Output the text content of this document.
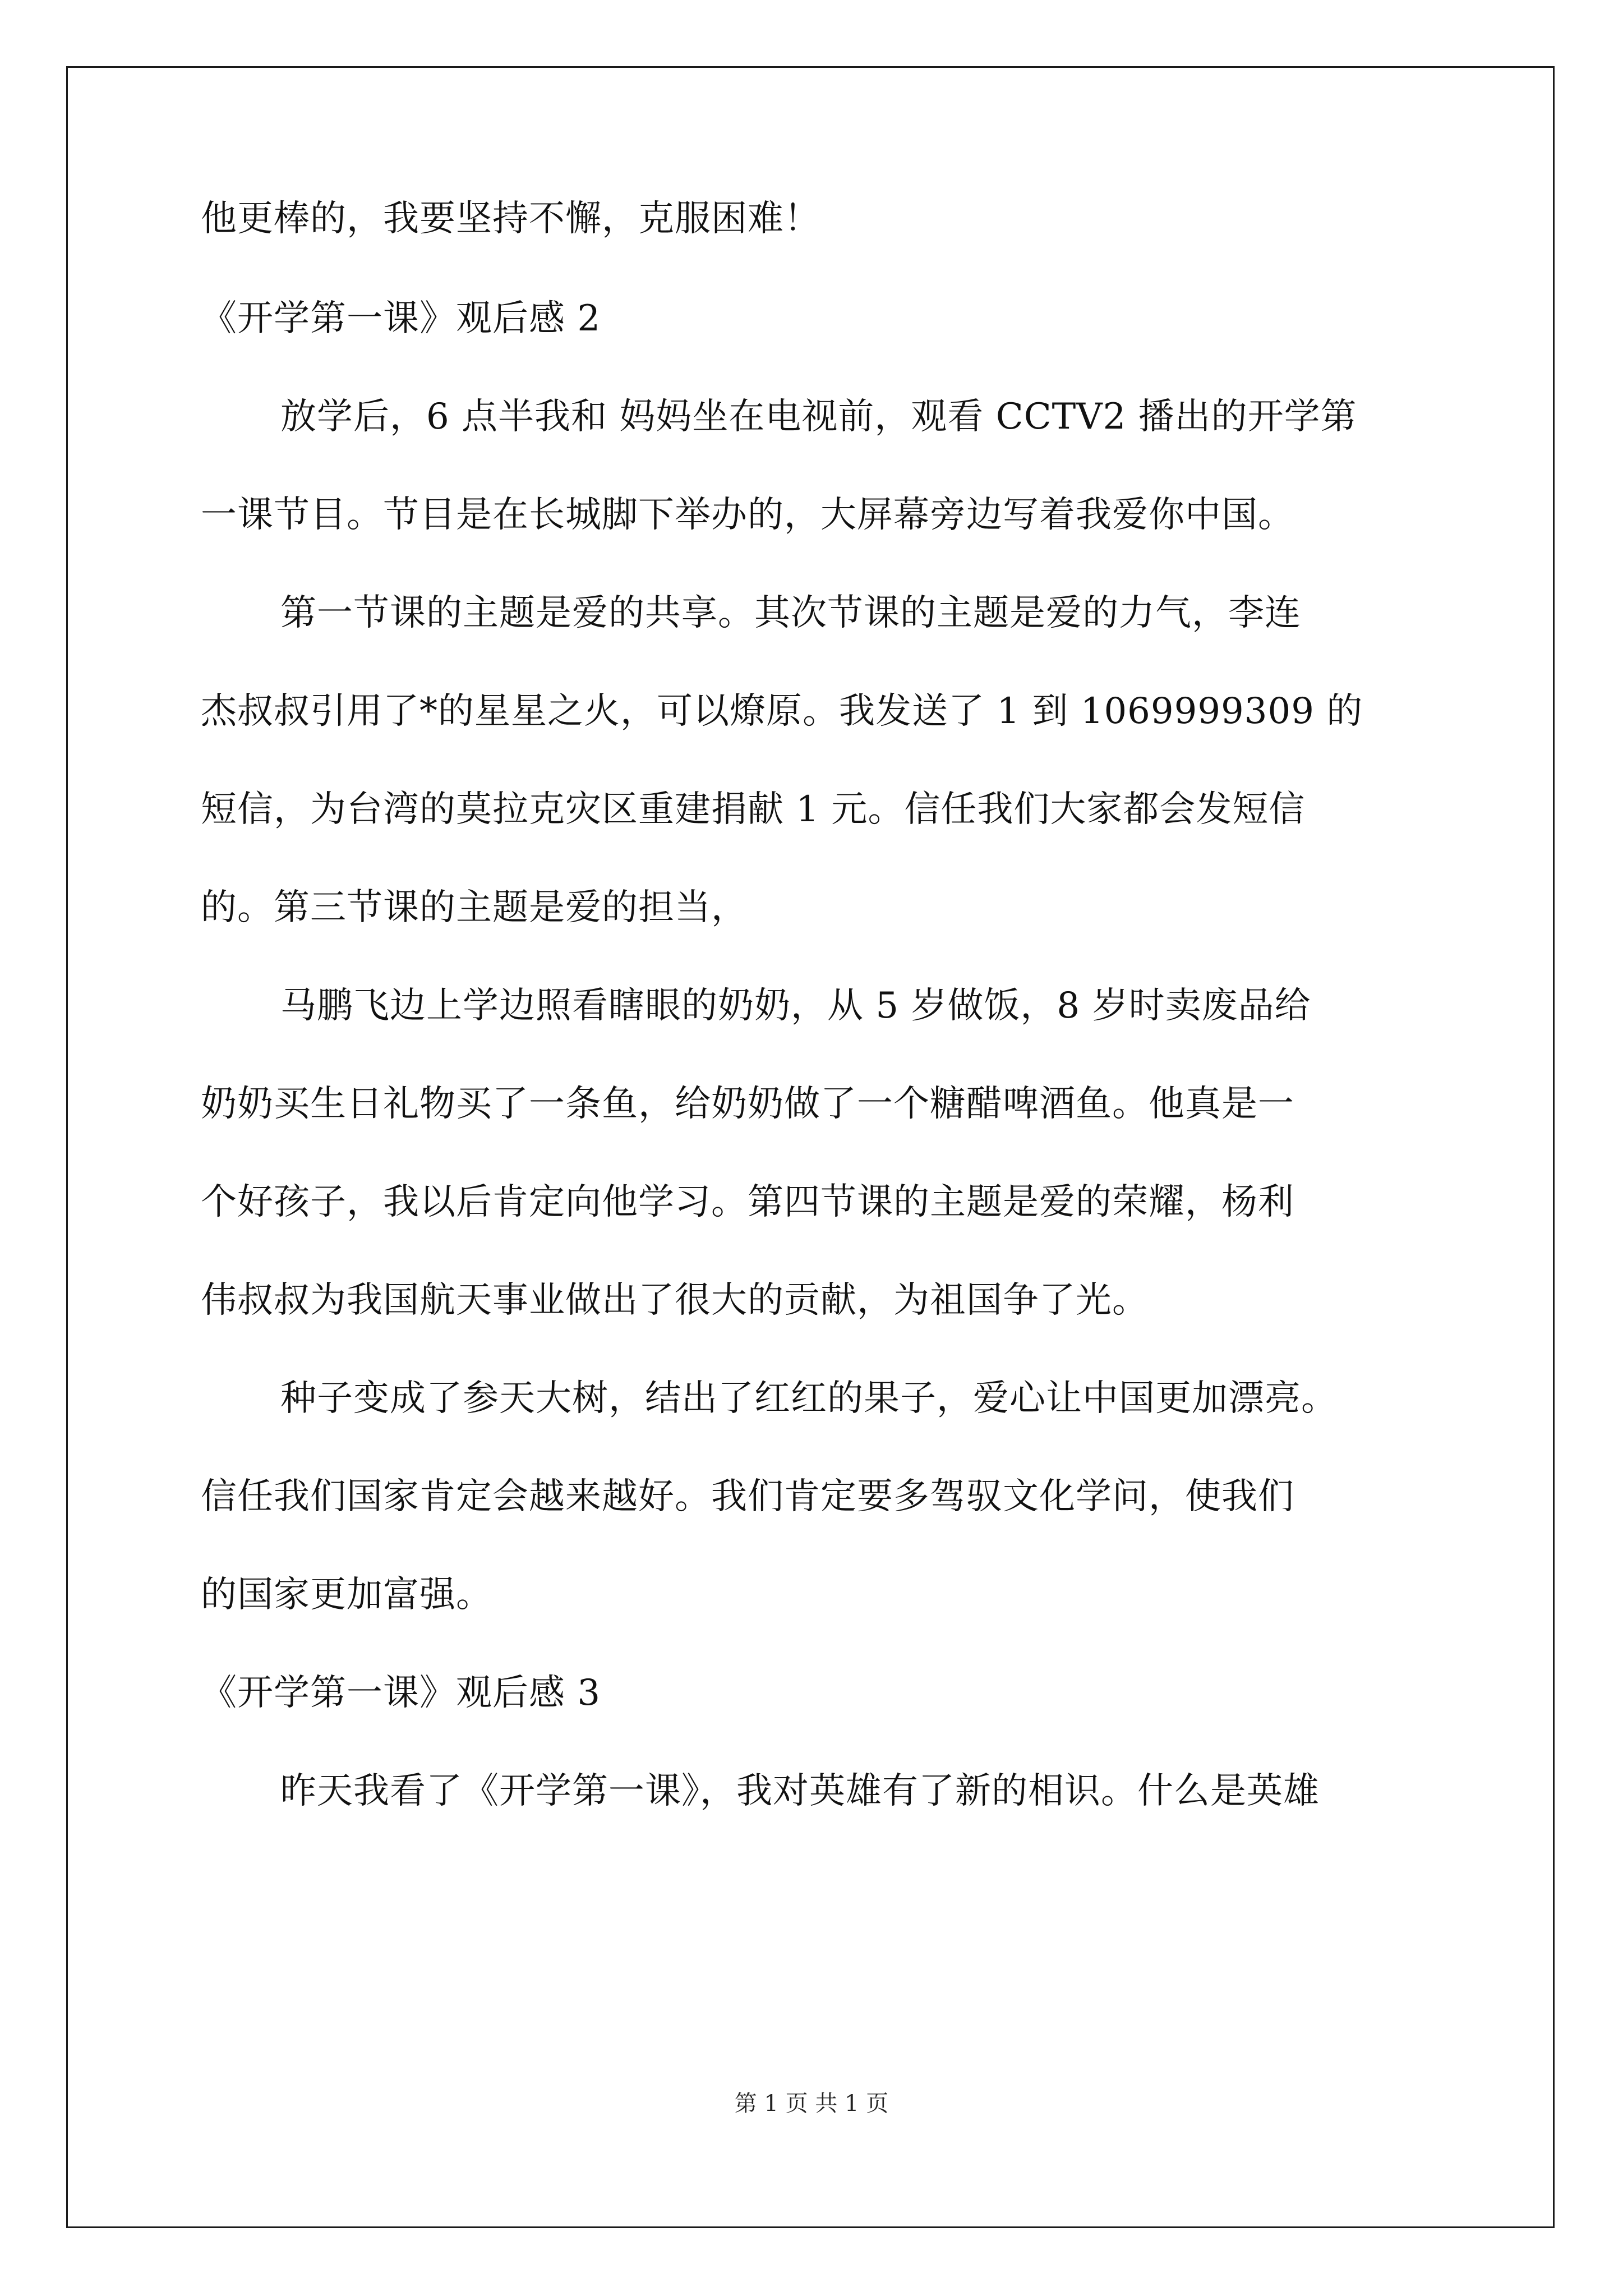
他更棒的，我要坚持不懈，克服困难！
《开学第一课》观后感 2
放学后，6 点半我和 妈妈坐在电视前，观看 CCTV2 播出的开学第
一课节目。节目是在长城脚下举办的，大屏幕旁边写着我爱你中国。
第一节课的主题是爱的共享。其次节课的主题是爱的力气，李连
杰叔叔引用了*的星星之火，可以燎原。我发送了 1 到 1069999309 的
短信，为台湾的莫拉克灾区重建捐献 1 元。信任我们大家都会发短信
的。第三节课的主题是爱的担当，
马鹏飞边上学边照看瞎眼的奶奶，从 5 岁做饭，8 岁时卖废品给
奶奶买生日礼物买了一条鱼，给奶奶做了一个糖醋啤酒鱼。他真是一
个好孩子，我以后肯定向他学习。第四节课的主题是爱的荣耀，杨利
伟叔叔为我国航天事业做出了很大的贡献，为祖国争了光。
种子变成了参天大树，结出了红红的果子，爱心让中国更加漂亮。
信任我们国家肯定会越来越好。我们肯定要多驾驭文化学问，使我们
的国家更加富强。
《开学第一课》观后感 3
昨天我看了《开学第一课》，我对英雄有了新的相识。什么是英雄
第 1 页 共 1 页
